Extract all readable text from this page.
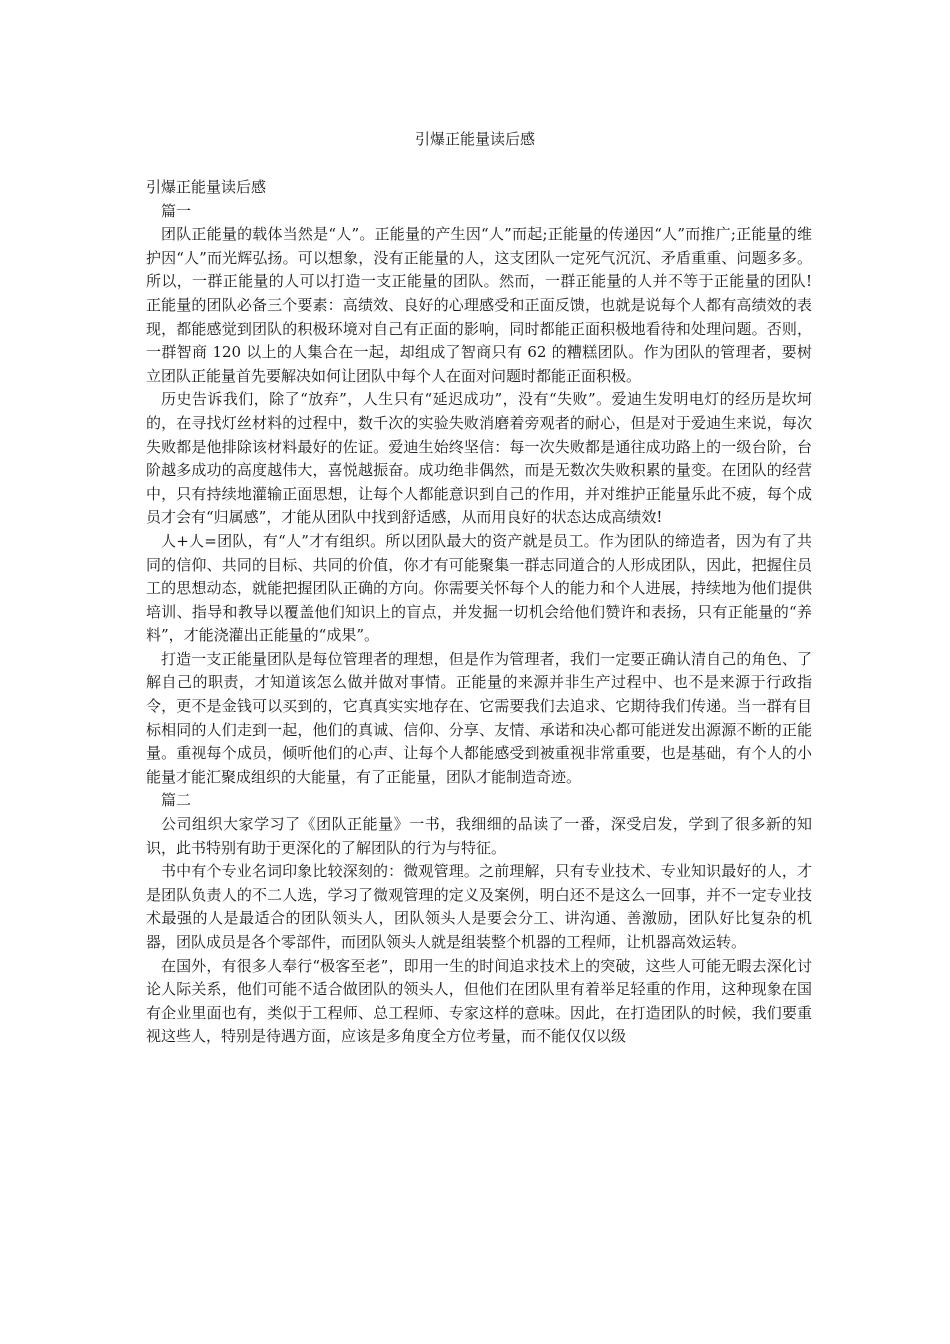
引爆正能量读后感

引爆正能量读后感

篇一

团队正能量的载体当然是“人”。正能量的产生因“人”而起;正能量的传递因“人”而推广;正能量的维护因“人”而光辉弘扬。可以想象，没有正能量的人，这支团队一定死气沉沉、矛盾重重、问题多多。所以，一群正能量的人可以打造一支正能量的团队。然而，一群正能量的人并不等于正能量的团队!正能量的团队必备三个要素：高绩效、良好的心理感受和正面反馈，也就是说每个人都有高绩效的表现，都能感觉到团队的积极环境对自己有正面的影响，同时都能正面积极地看待和处理问题。否则，一群智商 120 以上的人集合在一起，却组成了智商只有 62 的糟糕团队。作为团队的管理者，要树立团队正能量首先要解决如何让团队中每个人在面对问题时都能正面积极。

历史告诉我们，除了“放弃”，人生只有“延迟成功”，没有“失败”。爱迪生发明电灯的经历是坎坷的，在寻找灯丝材料的过程中，数千次的实验失败消磨着旁观者的耐心，但是对于爱迪生来说，每次失败都是他排除该材料最好的佐证。爱迪生始终坚信：每一次失败都是通往成功路上的一级台阶，台阶越多成功的高度越伟大，喜悦越振奋。成功绝非偶然，而是无数次失败积累的量变。在团队的经营中，只有持续地灌输正面思想，让每个人都能意识到自己的作用，并对维护正能量乐此不疲，每个成员才会有“归属感”，才能从团队中找到舒适感，从而用良好的状态达成高绩效!

人+人=团队，有“人”才有组织。所以团队最大的资产就是员工。作为团队的缔造者，因为有了共同的信仰、共同的目标、共同的价值，你才有可能聚集一群志同道合的人形成团队，因此，把握住员工的思想动态，就能把握团队正确的方向。你需要关怀每个人的能力和个人进展，持续地为他们提供培训、指导和教导以覆盖他们知识上的盲点，并发掘一切机会给他们赞许和表扬，只有正能量的“养料”，才能浇灌出正能量的“成果”。

打造一支正能量团队是每位管理者的理想，但是作为管理者，我们一定要正确认清自己的角色、了解自己的职责，才知道该怎么做并做对事情。正能量的来源并非生产过程中、也不是来源于行政指令，更不是金钱可以买到的，它真真实实地存在、它需要我们去追求、它期待我们传递。当一群有目标相同的人们走到一起，他们的真诚、信仰、分享、友情、承诺和决心都可能迸发出源源不断的正能量。重视每个成员，倾听他们的心声、让每个人都能感受到被重视非常重要，也是基础，有个人的小能量才能汇聚成组织的大能量，有了正能量，团队才能制造奇迹。

篇二

公司组织大家学习了《团队正能量》一书，我细细的品读了一番，深受启发，学到了很多新的知识，此书特别有助于更深化的了解团队的行为与特征。

书中有个专业名词印象比较深刻的：微观管理。之前理解，只有专业技术、专业知识最好的人，才是团队负责人的不二人选，学习了微观管理的定义及案例，明白还不是这么一回事，并不一定专业技术最强的人是最适合的团队领头人，团队领头人是要会分工、讲沟通、善激励，团队好比复杂的机器，团队成员是各个零部件，而团队领头人就是组装整个机器的工程师，让机器高效运转。

在国外，有很多人奉行“极客至老”，即用一生的时间追求技术上的突破，这些人可能无暇去深化讨论人际关系，他们可能不适合做团队的领头人，但他们在团队里有着举足轻重的作用，这种现象在国有企业里面也有，类似于工程师、总工程师、专家这样的意味。因此，在打造团队的时候，我们要重视这些人，特别是待遇方面，应该是多角度全方位考量，而不能仅仅以级
